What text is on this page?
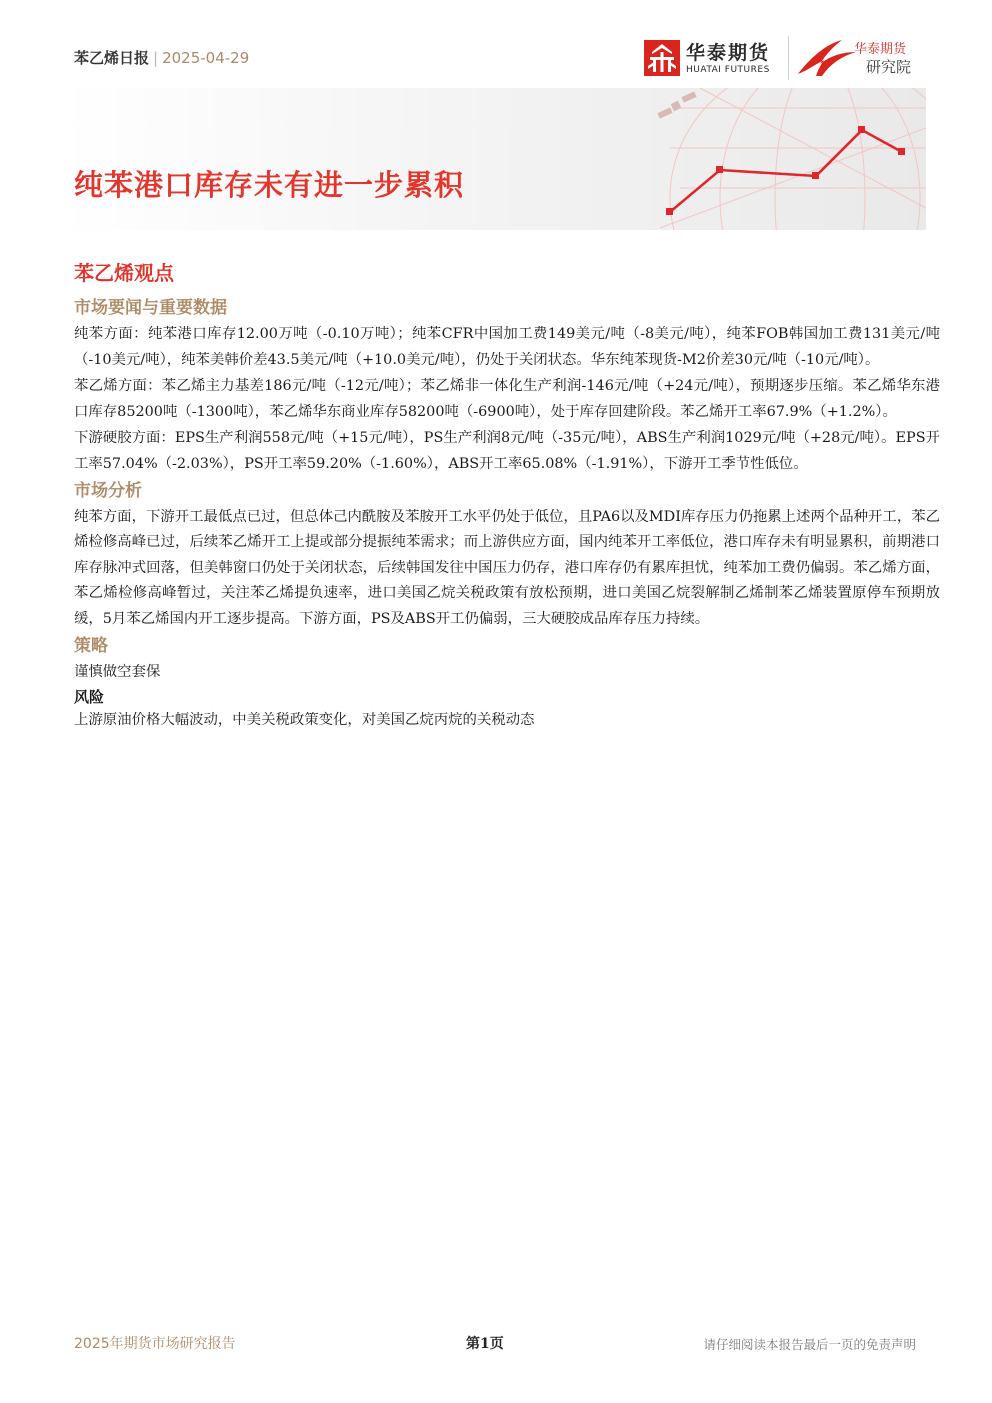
苯乙烯日报 | 2025-04-29	华泰期货
HUATAI FUTURES
华泰期货
研究院
纯苯港口库存未有进一步累积
苯乙烯观点
市场要闻与重要数据

纯苯方面：纯苯港口库存12.00万吨（-0.10万吨）；纯苯CFR中国加工费149美元/吨（-8美元/吨），纯苯FOB韩国加工费131美元/吨（-10美元/吨），纯苯美韩价差43.5美元/吨（+10.0美元/吨），仍处于关闭状态。华东纯苯现货-M2价差30元/吨（-10元/吨）。

苯乙烯方面：苯乙烯主力基差186元/吨（-12元/吨）；苯乙烯非一体化生产利润-146元/吨（+24元/吨），预期逐步压缩。苯乙烯华东港口库存85200吨（-1300吨），苯乙烯华东商业库存58200吨（-6900吨），处于库存回建阶段。苯乙烯开工率67.9%（+1.2%）。

下游硬胶方面：EPS生产利润558元/吨（+15元/吨），PS生产利润8元/吨（-35元/吨），ABS生产利润1029元/吨（+28元/吨）。EPS开工率57.04%（-2.03%），PS开工率59.20%（-1.60%），ABS开工率65.08%（-1.91%），下游开工季节性低位。

市场分析

纯苯方面，下游开工最低点已过，但总体己内酰胺及苯胺开工水平仍处于低位，且PA6以及MDI库存压力仍拖累上述两个品种开工，苯乙烯检修高峰已过，后续苯乙烯开工上提或部分提振纯苯需求；而上游供应方面，国内纯苯开工率低位，港口库存未有明显累积，前期港口库存脉冲式回落，但美韩窗口仍处于关闭状态，后续韩国发往中国压力仍存，港口库存仍有累库担忧，纯苯加工费仍偏弱。苯乙烯方面，苯乙烯检修高峰暂过，关注苯乙烯提负速率，进口美国乙烷关税政策有放松预期，进口美国乙烷裂解制乙烯制苯乙烯装置原停车预期放缓，5月苯乙烯国内开工逐步提高。下游方面，PS及ABS开工仍偏弱，三大硬胶成品库存压力持续。

策略

谨慎做空套保

风险

上游原油价格大幅波动，中美关税政策变化，对美国乙烷丙烷的关税动态

2025年期货市场研究报告	第1页	请仔细阅读本报告最后一页的免责声明
